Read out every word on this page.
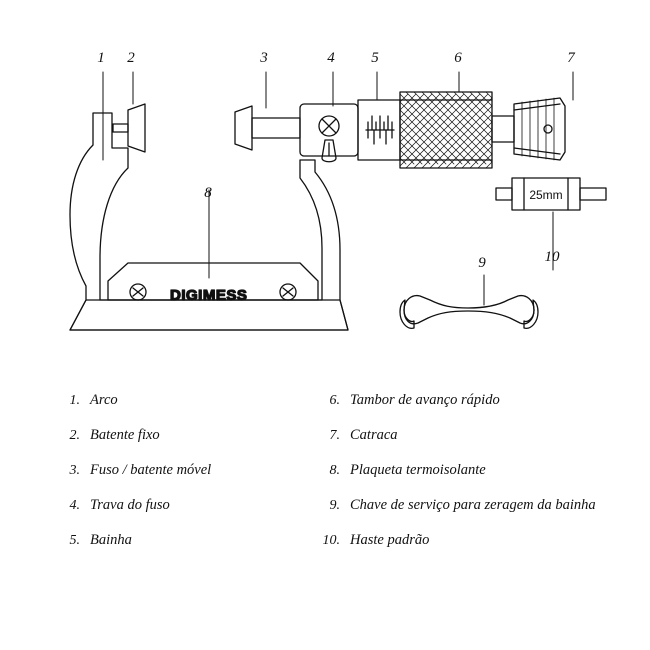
DIGIMESS
1 2	3	4 5	6	7
8
9	10
25mm
1. Arco
2. Batente fixo
3. Fuso / batente móvel
4. Trava do fuso
5. Bainha
6. Tambor de avanço rápido
7. Catraca
8. Plaqueta termoisolante
9. Chave de serviço para zeragem da bainha
10. Haste padrão
